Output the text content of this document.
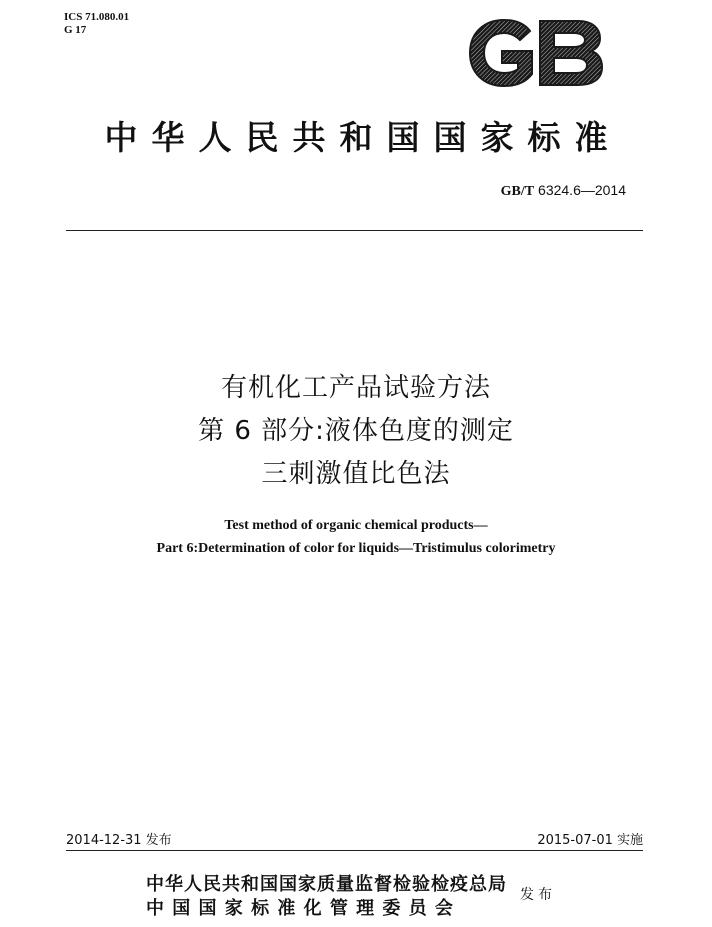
ICS 71.080.01
G 17
GB
中华人民共和国国家标准
GB/T 6324.6—2014
有机化工产品试验方法
第 6 部分:液体色度的测定
三刺激值比色法
Test method of organic chemical products—
Part 6:Determination of color for liquids—Tristimulus colorimetry
2014-12-31 发布	2015-07-01 实施
中华人民共和国国家质量监督检验检疫总局
中 国 国 家 标 准 化 管 理 委 员 会
发布
